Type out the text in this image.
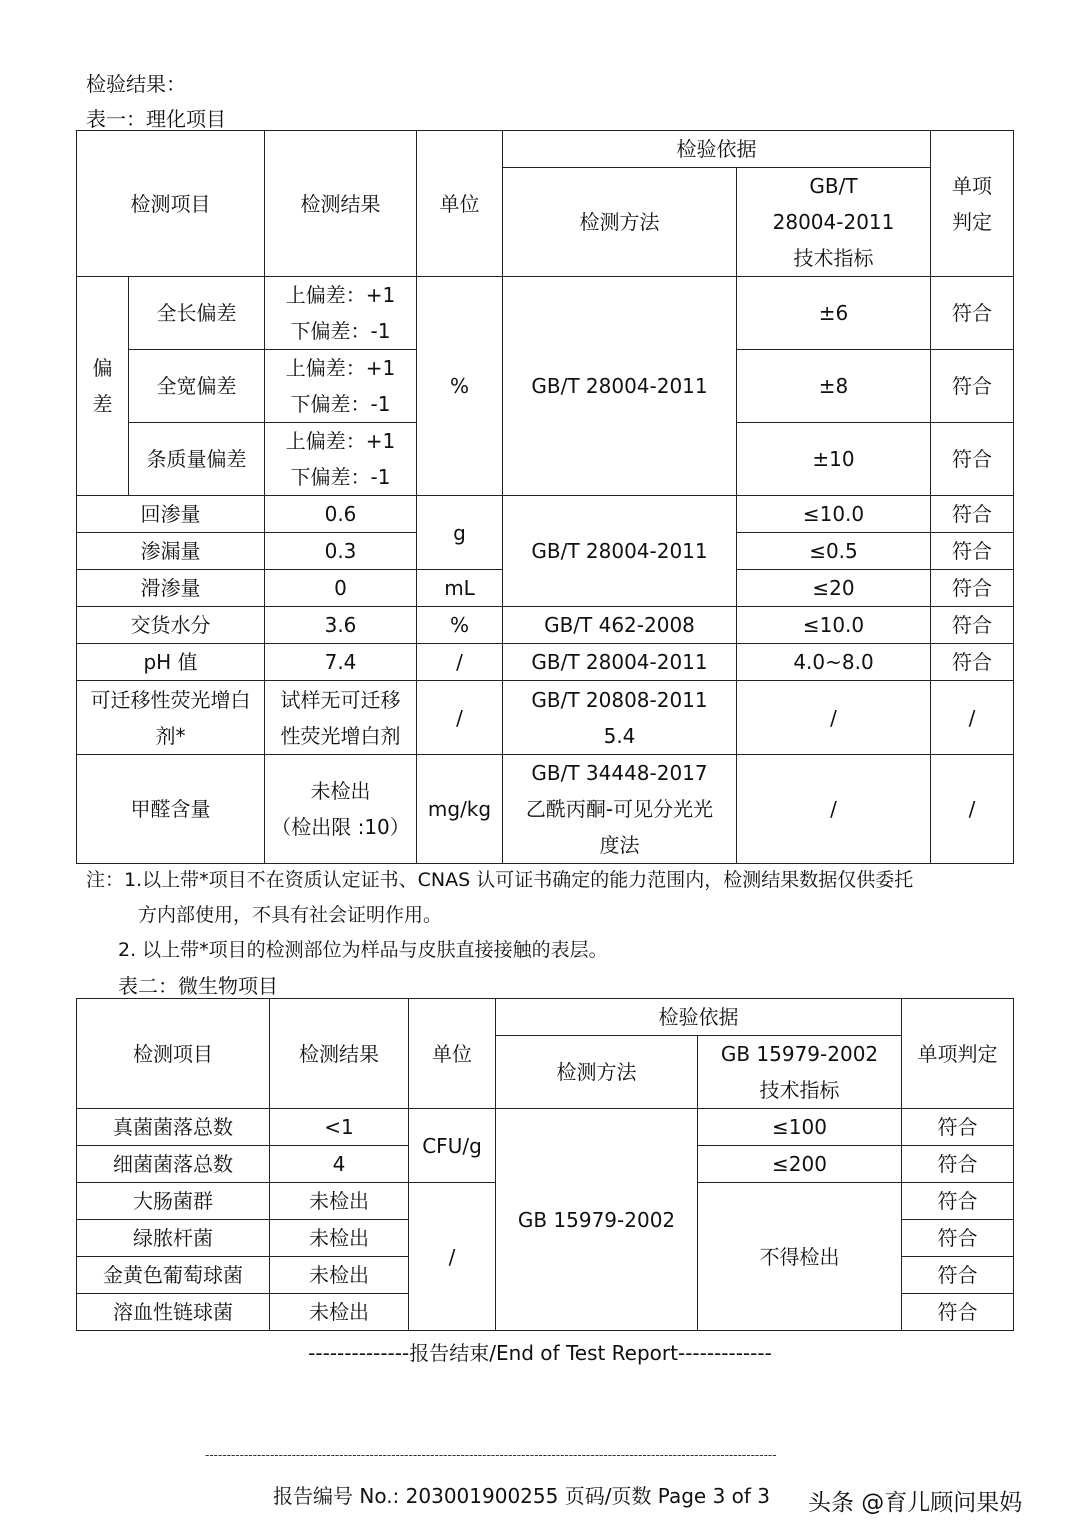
检验结果：
表一：理化项目
检测项目		检测结果	单位	检验依据		单项
判定
				检测方法	GB/T
28004-2011
技术指标	
偏
差	全长偏差	上偏差：+1
下偏差：-1	%	GB/T 28004-2011	±6	符合
	全宽偏差	上偏差：+1
下偏差：-1			±8	符合
	条质量偏差	上偏差：+1
下偏差：-1			±10	符合
回渗量		0.6	g	GB/T 28004-2011	≤10.0	符合
渗漏量		0.3			≤0.5	符合
滑渗量		0	mL		≤20	符合
交货水分		3.6	%	GB/T 462-2008	≤10.0	符合
pH 值		7.4	/	GB/T 28004-2011	4.0~8.0	符合
可迁移性荧光增白
剂*		试样无可迁移
性荧光增白剂	/	GB/T 20808-2011
5.4	/	/
甲醛含量		未检出
（检出限 :10）	mg/kg	GB/T 34448-2017
乙酰丙酮-可见分光光
度法	/	/
注：1.以上带*项目不在资质认定证书、CNAS 认可证书确定的能力范围内，检测结果数据仅供委托
方内部使用，不具有社会证明作用。
2. 以上带*项目的检测部位为样品与皮肤直接接触的表层。
表二：微生物项目
检测项目	检测结果	单位	检验依据		单项判定
			检测方法	GB 15979-2002
技术指标	
真菌菌落总数	<1	CFU/g	GB 15979-2002	≤100	符合
细菌菌落总数	4			≤200	符合
大肠菌群	未检出	/		不得检出	符合
绿脓杆菌	未检出				符合
金黄色葡萄球菌	未检出				符合
溶血性链球菌	未检出				符合
--------------报告结束/End of Test Report-------------
------------------------------------------------------------------------------------------------------------------------------------
报告编号 No.: 203001900255 页码/页数 Page 3 of 3 头条 @育儿顾问果妈
